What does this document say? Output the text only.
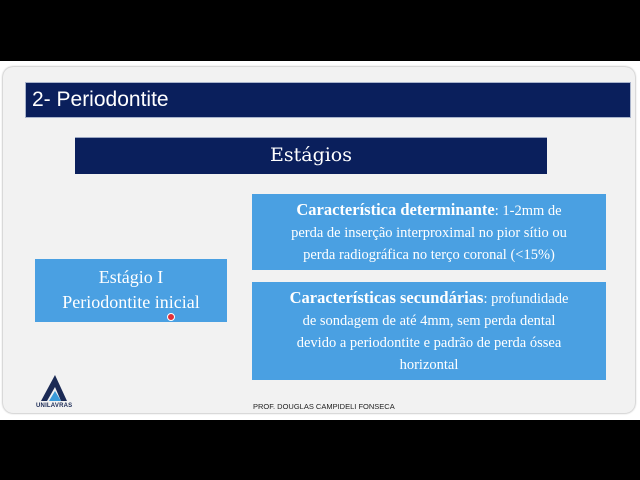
2- Periodontite
Estágios
Estágio I
Periodontite inicial
Característica determinante: 1-2mm de
perda de inserção interproximal no pior sítio ou
perda radiográfica no terço coronal (<15%)
Características secundárias: profundidade
de sondagem de até 4mm, sem perda dental
devido a periodontite e padrão de perda óssea
horizontal
UNILAVRAS	PROF. DOUGLAS CAMPIDELI FONSECA
